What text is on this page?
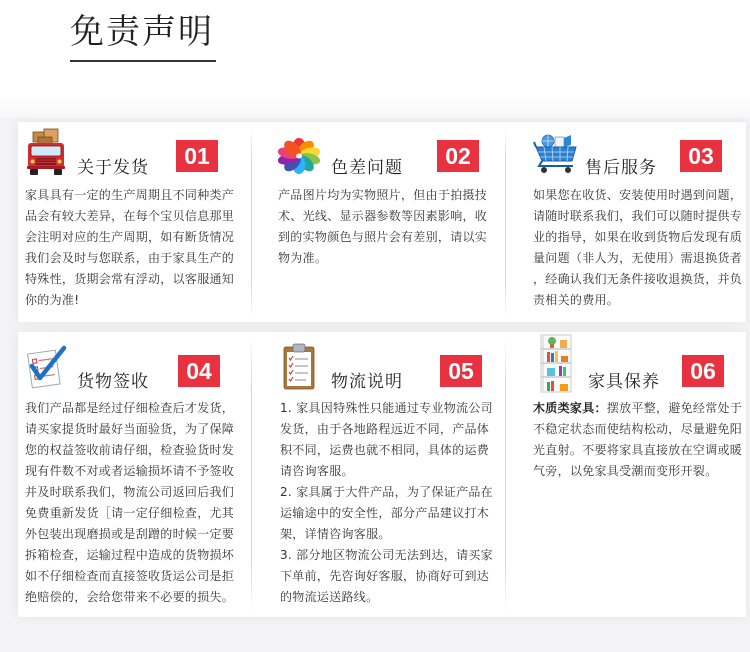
免责声明
关于发货	01
家具具有一定的生产周期且不同种类产
品会有较大差异，在每个宝贝信息那里
会注明对应的生产周期，如有断货情况
我们会及时与您联系，由于家具生产的
特殊性，货期会常有浮动，以客服通知
你的为准!
色差问题	02
产品图片均为实物照片，但由于拍摄技
术、光线、显示器参数等因素影响，收
到的实物颜色与照片会有差别，请以实
物为准。
售后服务	03
如果您在收货、安装使用时遇到问题，
请随时联系我们，我们可以随时提供专
业的指导，如果在收到货物后发现有质
量问题（非人为，无使用）需退换货者
，经确认我们无条件接收退换货，并负
责相关的费用。
货物签收	04
我们产品都是经过仔细检查后才发货，
请买家提货时最好当面验货，为了保障
您的权益签收前请仔细，检查验货时发
现有件数不对或者运输损坏请不予签收
并及时联系我们，物流公司返回后我们
免费重新发货［请一定仔细检查，尤其
外包装出现磨损或是刮蹭的时候一定要
拆箱检查，运输过程中造成的货物损坏
如不仔细检查而直接签收货运公司是拒
绝赔偿的，会给您带来不必要的损失。
物流说明	05
1. 家具因特殊性只能通过专业物流公司
发货，由于各地路程远近不同，产品体
积不同，运费也就不相同，具体的运费
请咨询客服。
2. 家具属于大件产品，为了保证产品在
运输途中的安全性，部分产品建议打木
架，详情咨询客服。
3. 部分地区物流公司无法到达，请买家
下单前，先咨询好客服，协商好可到达
的物流运送路线。
家具保养	06
木质类家具：摆放平整，避免经常处于
不稳定状态而使结构松动，尽量避免阳
光直射。不要将家具直接放在空调或暖
气旁，以免家具受潮而变形开裂。
